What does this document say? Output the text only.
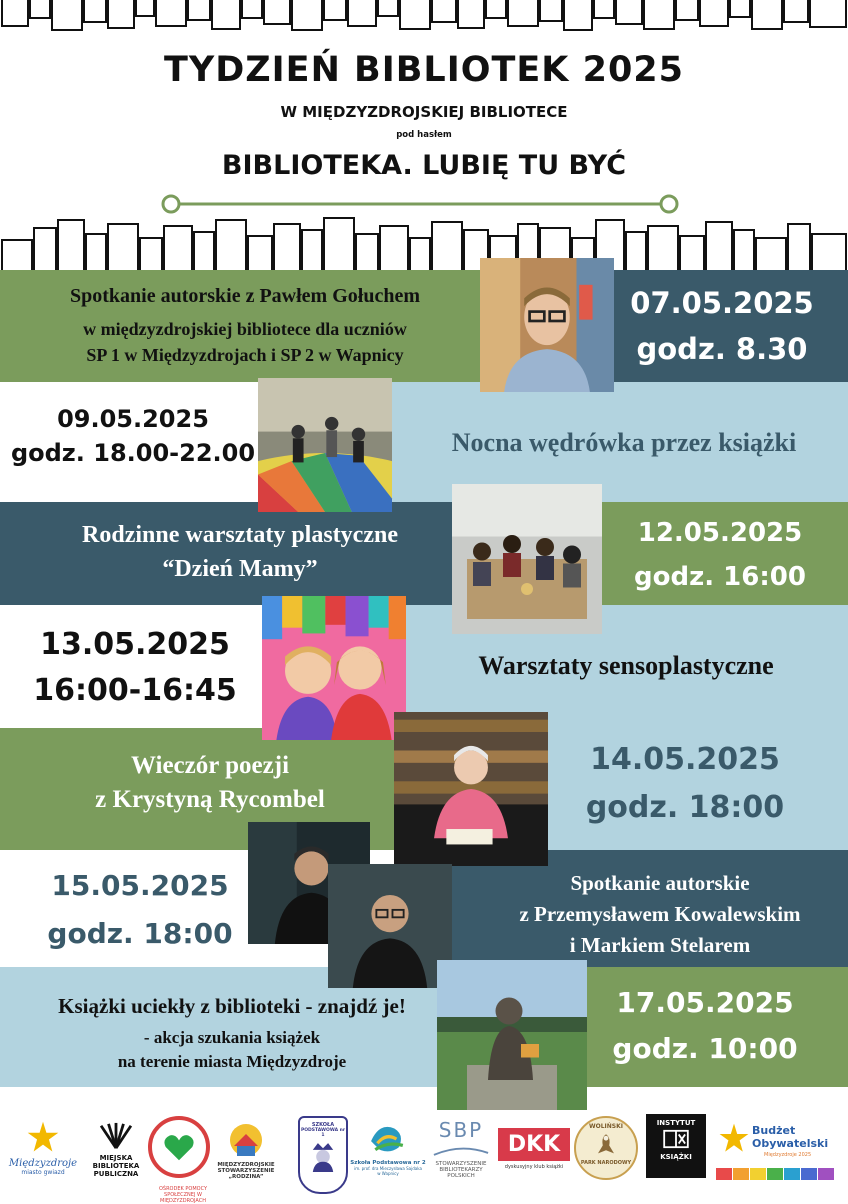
TYDZIEŃ BIBLIOTEK 2025
W MIĘDZYZDROJSKIEJ BIBLIOTECE
pod hasłem
BIBLIOTEKA. LUBIĘ TU BYĆ
Spotkanie autorskie z Pawłem Gołuchem
w międzyzdrojskiej bibliotece dla uczniów
SP 1 w Międzyzdrojach i SP 2 w Wapnicy
07.05.2025
godz. 8.30
09.05.2025
godz. 18.00-22.00	Nocna wędrówka przez książki
Rodzinne warsztaty plastyczne
“Dzień Mamy”
12.05.2025
godz. 16:00
13.05.2025
16:00-16:45
Warsztaty sensoplastyczne
Wieczór poezji
z Krystyną Rycombel
14.05.2025
godz. 18:00
15.05.2025
godz. 18:00
Spotkanie autorskie
z Przemysławem Kowalewskim
i Markiem Stelarem
Książki uciekły z biblioteki - znajdź je!
- akcja szukania książek
na terenie miasta Międzyzdroje
17.05.2025
godz. 10:00
Międzyzdroje
miasto gwiazd
MIEJSKA
BIBLIOTEKA
PUBLICZNA
OŚRODEK POMOCY SPOŁECZNEJ W MIĘDZYZDROJACH
MIĘDZYZDROJSKIE
STOWARZYSZENIE
„RODZINA”
SZKOŁA
PODSTAWOWA nr 1
Szkoła Podstawowa nr 2
im. prof. dra Mieczysława Sajdaka
w Wapnicy
SBP
STOWARZYSZENIE
BIBLIOTEKARZY
POLSKICH
DKK
dyskusyjny klub książki
WOLIŃSKI
PARK NARODOWY
INSTYTUT
KSIĄŻKI
Budżet
Obywatelski
Międzyzdroje 2025
